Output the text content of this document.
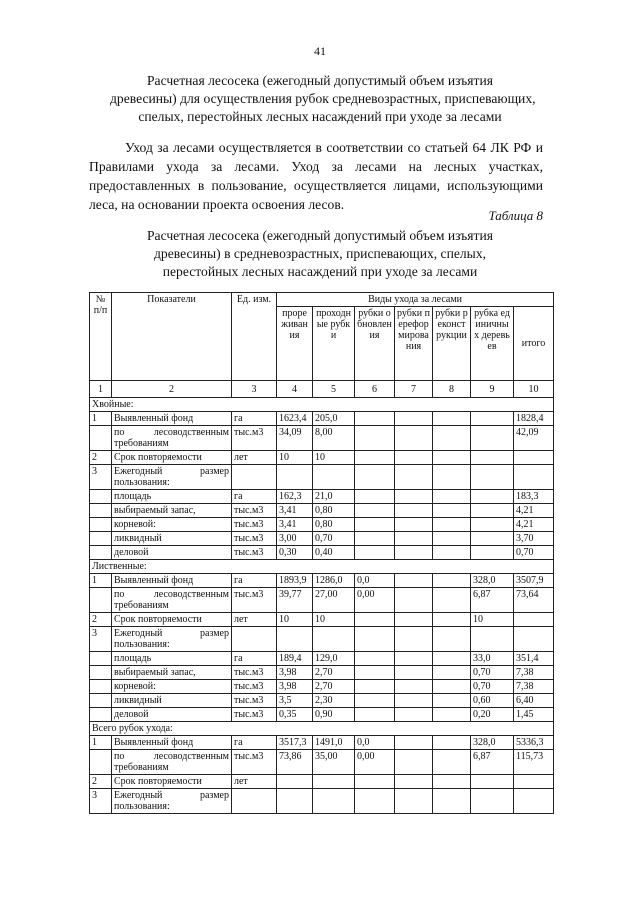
41
Расчетная лесосека (ежегодный допустимый объем изъятия
древесины) для осуществления рубок средневозрастных, приспевающих,
спелых, перестойных лесных насаждений при уходе за лесами
Уход за лесами осуществляется в соответствии со статьей 64 ЛК РФ и Правилами ухода за лесами. Уход за лесами на лесных участках, предоставленных в пользование, осуществляется лицами, использующими леса, на основании проекта освоения лесов.
Таблица 8
Расчетная лесосека (ежегодный допустимый объем изъятия
древесины) в средневозрастных, приспевающих, спелых,
перестойных лесных насаждений при уходе за лесами
№ п/п	Показатели	Ед. изм.	Виды ухода за лесами						
			прореживания	проходные рубки	рубки обновления	рубки переформирования	рубки реконструкции	рубка единичных деревьев	итого
1	2	3	4	5	6	7	8	9	10
Хвойные:									
1	Выявленный фонд	га	1623,4	205,0					1828,4
	по лесоводственным требованиям	тыс.м3	34,09	8,00					42,09
2	Срок повторяемости	лет	10	10					
3	Ежегодный размер пользования:								
	площадь	га	162,3	21,0					183,3
	выбираемый запас,	тыс.м3	3,41	0,80					4,21
	корневой:	тыс.м3	3,41	0,80					4,21
	ликвидный	тыс.м3	3,00	0,70					3,70
	деловой	тыс.м3	0,30	0,40					0,70
Лиственные:									
1	Выявленный фонд	га	1893,9	1286,0	0,0			328,0	3507,9
	по лесоводственным требованиям	тыс.м3	39,77	27,00	0,00			6,87	73,64
2	Срок повторяемости	лет	10	10				10	
3	Ежегодный размер пользования:								
	площадь	га	189,4	129,0				33,0	351,4
	выбираемый запас,	тыс.м3	3,98	2,70				0,70	7,38
	корневой:	тыс.м3	3,98	2,70				0,70	7,38
	ликвидный	тыс.м3	3,5	2,30				0,60	6,40
	деловой	тыс.м3	0,35	0,90				0,20	1,45
Всего рубок ухода:									
1	Выявленный фонд	га	3517,3	1491,0	0,0			328,0	5336,3
	по лесоводственным требованиям	тыс.м3	73,86	35,00	0,00			6,87	115,73
2	Срок повторяемости	лет							
3	Ежегодный размер пользования:								
